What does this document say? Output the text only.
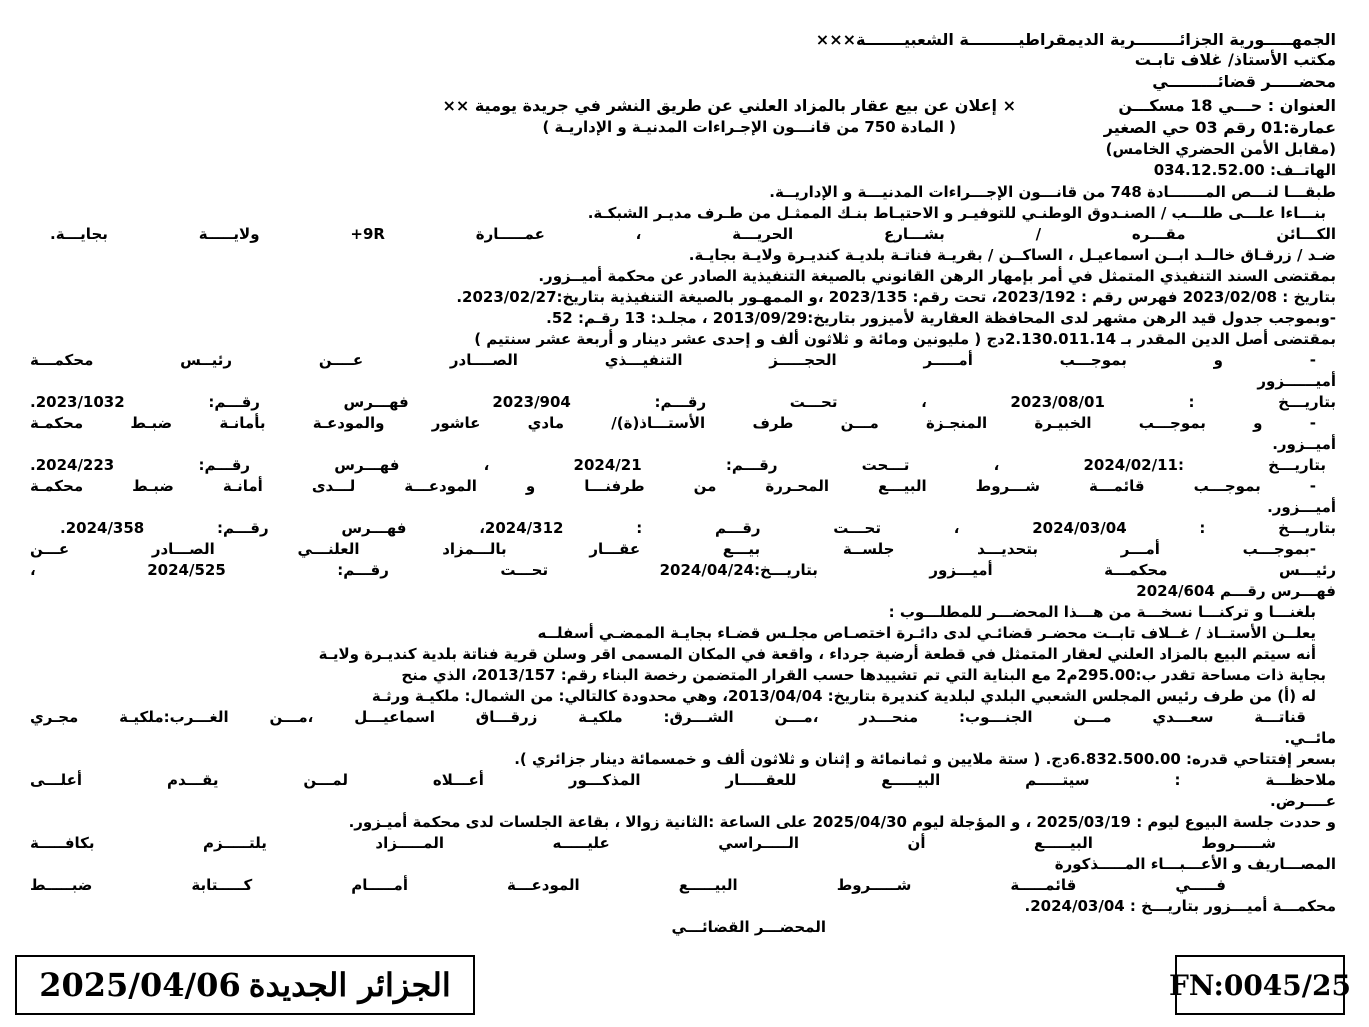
الجمهـــــورية الجزائــــــــرية الديمقراطيـــــــــة الشعبيـــــــة×××
مكتب الأستاذ/ غلاف تابـت
محضـــــر قضائـــــــــي
العنوان : حـــي 18 مسكـــن
× إعلان عن بيع عقار بالمزاد العلني عن طريق النشر في جريدة يومية ××
عمارة:01 رقم 03 حي الصغير
( المادة 750 من قانـــون الإجـراءات المدنيـة و الإداريـة )
(مقابل الأمن الحضري الخامس)
الهاتــف: 034.12.52.00
طبقـــا لنـــص المـــــــادة 748 من قانـــون الإجـــراءات المدنيـــة و الإداريــة.
بنـــاءا علـــى طلـــب / الصنـدوق الوطنـي للتوفيـر و الاحتيـاط بنـك الممثـل من طـرف مديـر الشبكـة.
الكـــائن مقـــره / بشـــارع الحريـــة ، عمـــــارة 9R+ ولايـــــة بجايـــة.
ضـد / زرقـاق خالــد ابــن اسماعيـل ، الساكــن / بقريـة فناتـة بلديـة كنديـرة ولايـة بجايـة.
بمقتضى السند التنفيذي المتمثل في أمر بإمهار الرهن القانوني بالصيغة التنفيذية الصادر عن محكمة أميــزور.
بتاريخ : 2023/02/08 فهرس رقم : 2023/192، تحت رقم: 2023/135 ،و الممهـور بالصيغة التنفيذية بتاريخ:2023/02/27.
-وبموجب جدول قيد الرهن مشهر لدى المحافظة العقارية لأميزور بتاريخ:2013/09/29 ، مجلـد: 13 رقـم: 52.
بمقتضى أصل الدين المقدر بـ 2.130.011.14دج ( مليونين ومائة و ثلاثون ألف و إحدى عشر دينار و أربعة عشر سنتيم )
- و بموجـــب أمـــــر الحجـــــز التنفيـــذي الصــــادر عــــن رئيــس محكمـــة
أميــــــزور
بتاريـــخ : 2023/08/01 ، تحـــت رقـــم: 2023/904 فهـــرس رقـــم: 2023/1032.
- و بموجـــب الخبيـرة المنجـزة مـــن طرف الأستـــاذ(ة)/ مادي عاشور والمودعـة بأمانـة ضبـط محكمـة
أميــزور.
بتاريـــخ :2024/02/11 ، تـــحت رقـــم: 2024/21 ، فهـــرس رقـــم: 2024/223.
- بموجـــب قائمـــة شـــروط البيـــع المحـررة من طرفنـــا و المودعـــة لـــدى أمانـة ضبـط محكمـة
أميـــزور.
بتاريـــخ : 2024/03/04 ، تحـــت رقـــم : 2024/312، فهـــرس رقـــم: 2024/358.
-بموجـــب أمـــر بتحديـــد جلســة بيـــع عقـــار بالـــمزاد العلنـــي الصـــادر عـــن
رئيـــس محكمـــة أميـــزور بتاريـــخ:2024/04/24 تحـــت رقـــم: 2024/525 ،
فهـــرس رقـــم 2024/604
بلغنـــا و تركنـــا نسخـــة من هـــذا المحضـــر للمطلـــوب :
يعلــن الأستــاذ / غــلاف تابــت محضـر قضائـي لدى دائـرة اختصـاص مجلـس قضـاء بجايـة الممضـي أسفلــه
أنه سيتم البيع بالمزاد العلني لعقار المتمثل في قطعة أرضية جرداء ، واقعة في المكان المسمى اقر وسلن قرية فناتة بلدية كنديـرة ولايـة
بجاية ذات مساحة تقدر ب:295.00م2 مع البناية التي تم تشييدها حسب القرار المتضمن رخصة البناء رقم: 2013/157، الذي منح
له (أ) من طرف رئيس المجلس الشعبي البلدي لبلدية كنديرة بتاريخ: 2013/04/04، وهي محدودة كالتالي: من الشمال: ملكيـة ورثـة
قناتـــة سعـــدي مـــن الجنـــوب: منحـــدر ،مـــن الشـــرق: ملكيـة زرقـــاق اسماعيـــل ،مـــن الغـــرب:ملكيـة مجـري
مائــي.
بسعر إفتتاحي قدره: 6.832.500.00دج. ( ستة ملايين و ثمانمائة و إثنان و ثلاثون ألف و خمسمائة دينار جزائري ).
ملاحظـــة : سيتـــــم البيـــــع للعقـــــار المذكـــور أعـــلاه لمـــن يقـــدم أعلـــى
عــــرض.
و حددت جلسة البيوع ليوم : 2025/03/19 ، و المؤجلة ليوم 2025/04/30 على الساعة :الثانية زوالا ، بقاعة الجلسات لدى محكمة أميـزور.
شـــــروط البيـــــع أن الـــــراسي عليـــــه المـــــزاد يلتـــــزم بكافـــــة
المصـــاريف و الأعـــبـــاء المـــــذكورة
فـــــي قائمـــــة شـــــروط البيـــــع المودعـــة أمـــــام كـــــتابة ضبـــــط
محكمـــة أميـــزور بتاريـــخ : 2024/03/04.
المحضـــر القضائـــي
FN:0045/25
الجزائر الجديدة
2025/04/06
